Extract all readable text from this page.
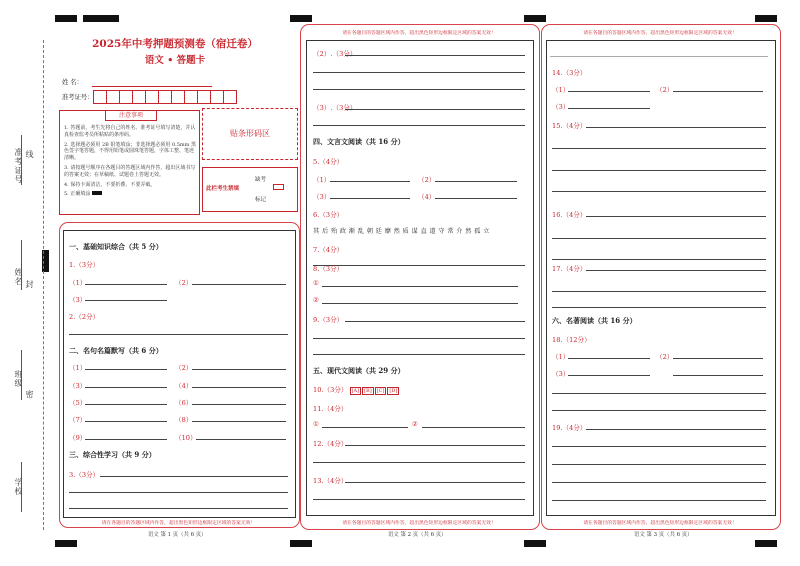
准考证号 线
姓名 封
班级
密
学校
2025年中考押题预测卷（宿迁卷）
语文 • 答题卡
姓 名：
准考证号：
注意事项
1. 答题前，考生先将自己的姓名、准考证号填写清楚，并认真检查监考员所粘贴的条形码。
2. 选择题必须用 2B 铅笔填涂；非选择题必须用 0.5mm 黑色签字笔答题，不得用铅笔或圆珠笔答题，字体工整、笔迹清晰。
3. 请按题号顺序在各题目的答题区域内作答，超出区域书写的答案无效；在草稿纸、试题卷上答题无效。
4. 保持卡面清洁，不要折叠、不要弄破。
5. 正确填涂
贴条形码区
此栏考生禁填
缺考
标记
请在各题目的答题区域内作答，超出黑色矩形边框限定区域的答案无效！
语文 第 1 页（共 6 页）
一、基础知识综合（共 5 分）
1.（3分）
（1）	（2）
（3）
2.（2分）
二、名句名篇默写（共 6 分）
（1）	（2）
（3）	（4）
（5）	（6）
（7）	（8）
（9）	（10）
三、综合性学习（共 9 分）
3.（3分）
请在各题目的答题区域内作答，超出黑色矩形边框限定区域的答案无效！
请在各题目的答题区域内作答，超出黑色矩形边框限定区域的答案无效！
语文 第 2 页（共 6 页）
（2）.（3分）
（3）.（3分）
四、文言文阅读（共 16 分）
5.（4分）
（1）	（2）
（3）	（4）
6.（3分）
其 后 殆 政 渐 乱 朝 廷 靡 然 质 谋 直 道 守 常 介 然 孤 立
7.（4分）
8.（3分）
①
②
9.（3分）
五、现代文阅读（共 29 分）
10.（3分） [A] [B] [C] [D]
11.（4分）
①	②
12.（4分）
13.（4分）
请在各题目的答题区域内作答，超出黑色矩形边框限定区域的答案无效！
请在各题目的答题区域内作答，超出黑色矩形边框限定区域的答案无效！
语文 第 3 页（共 6 页）
14.（3分）
（1）	（2）
（3）
15.（4分）
16.（4分）
17.（4分）
六、名著阅读（共 16 分）
18.（12分）
（1）	（2）
（3）
19.（4分）
